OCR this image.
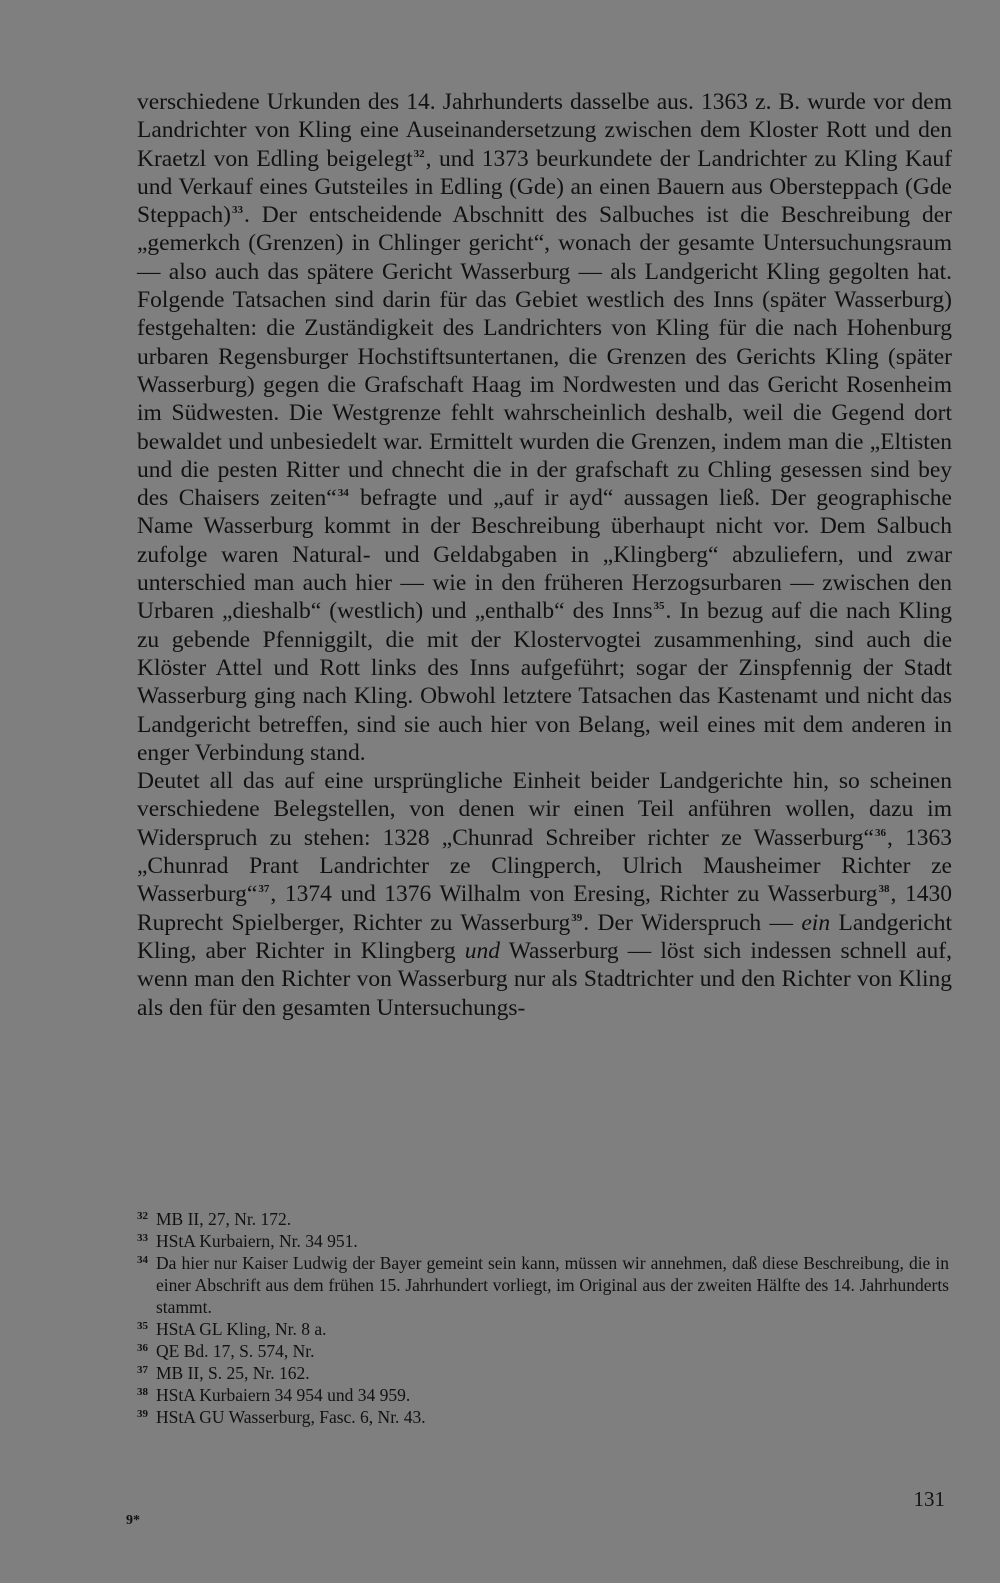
verschiedene Urkunden des 14. Jahrhunderts dasselbe aus. 1363 z. B. wurde vor dem Landrichter von Kling eine Auseinandersetzung zwischen dem Kloster Rott und den Kraetzl von Edling beigelegt$^{32}$, und 1373 beurkundete der Landrichter zu Kling Kauf und Verkauf eines Gutsteiles in Edling (Gde) an einen Bauern aus Obersteppach (Gde Steppach)$^{33}$. Der entscheidende Abschnitt des Salbuches ist die Beschreibung der „gemerkch (Grenzen) in Chlinger gericht“, wonach der gesamte Untersuchungsraum — also auch das spätere Gericht Wasserburg — als Landgericht Kling gegolten hat. Folgende Tatsachen sind darin für das Gebiet westlich des Inns (später Wasserburg) festgehalten: die Zuständigkeit des Landrichters von Kling für die nach Hohenburg urbaren Regensburger Hochstiftsuntertanen, die Grenzen des Gerichts Kling (später Wasserburg) gegen die Grafschaft Haag im Nordwesten und das Gericht Rosenheim im Südwesten. Die Westgrenze fehlt wahrscheinlich deshalb, weil die Gegend dort bewaldet und unbesiedelt war. Ermittelt wurden die Grenzen, indem man die „Eltisten und die pesten Ritter und chnecht die in der grafschaft zu Chling gesessen sind bey des Chaisers zeiten“$^{34}$ befragte und „auf ir ayd“ aussagen ließ. Der geographische Name Wasserburg kommt in der Beschreibung überhaupt nicht vor. Dem Salbuch zufolge waren Natural- und Geldabgaben in „Klingberg“ abzuliefern, und zwar unterschied man auch hier — wie in den früheren Herzogsurbaren — zwischen den Urbaren „dieshalb“ (westlich) und „enthalb“ des Inns$^{35}$. In bezug auf die nach Kling zu gebende Pfenniggilt, die mit der Klostervogtei zusammenhing, sind auch die Klöster Attel und Rott links des Inns aufgeführt; sogar der Zinspfennig der Stadt Wasserburg ging nach Kling. Obwohl letztere Tatsachen das Kastenamt und nicht das Landgericht betreffen, sind sie auch hier von Belang, weil eines mit dem anderen in enger Verbindung stand.

Deutet all das auf eine ursprüngliche Einheit beider Landgerichte hin, so scheinen verschiedene Belegstellen, von denen wir einen Teil anführen wollen, dazu im Widerspruch zu stehen: 1328 „Chunrad Schreiber richter ze Wasserburg“$^{36}$, 1363 „Chunrad Prant Landrichter ze Clingperch, Ulrich Mausheimer Richter ze Wasserburg“$^{37}$, 1374 und 1376 Wilhalm von Eresing, Richter zu Wasserburg$^{38}$, 1430 Ruprecht Spielberger, Richter zu Wasserburg$^{39}$. Der Widerspruch — ein Landgericht Kling, aber Richter in Klingberg und Wasserburg — löst sich indessen schnell auf, wenn man den Richter von Wasserburg nur als Stadtrichter und den Richter von Kling als den für den gesamten Untersuchungs-

32 MB II, 27, Nr. 172.
33 HStA Kurbaiern, Nr. 34 951.
34 Da hier nur Kaiser Ludwig der Bayer gemeint sein kann, müssen wir annehmen, daß diese Beschreibung, die in einer Abschrift aus dem frühen 15. Jahrhundert vorliegt, im Original aus der zweiten Hälfte des 14. Jahrhunderts stammt.
35 HStA GL Kling, Nr. 8 a.
36 QE Bd. 17, S. 574, Nr.
37 MB II, S. 25, Nr. 162.
38 HStA Kurbaiern 34 954 und 34 959.
39 HStA GU Wasserburg, Fasc. 6, Nr. 43.
131
9*
